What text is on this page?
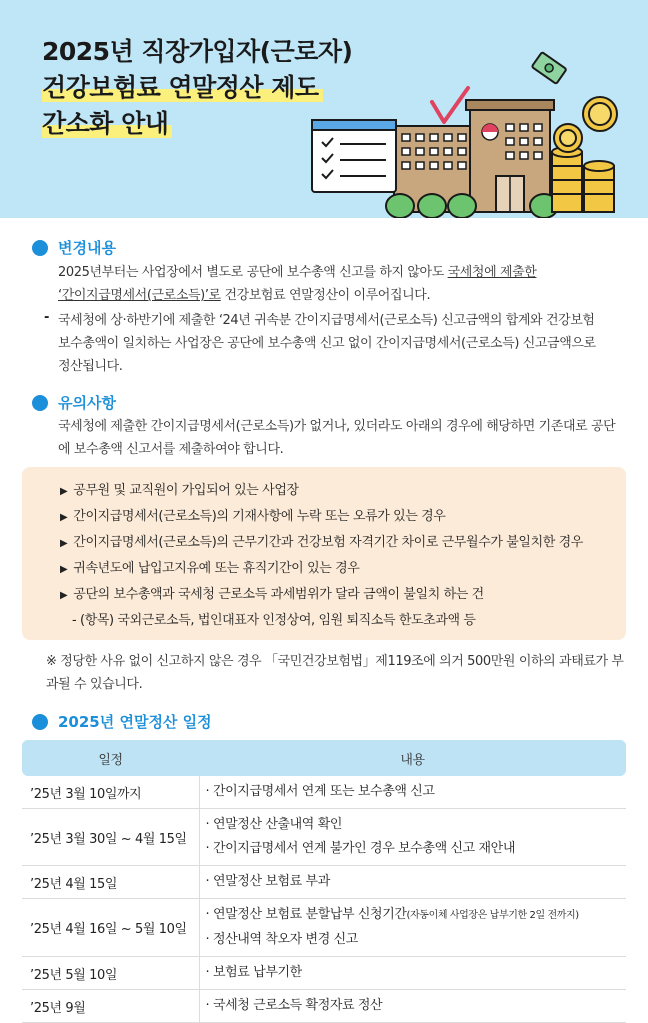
2025년 직장가입자(근로자)
건강보험료 연말정산 제도
간소화 안내
변경내용
2025년부터는 사업장에서 별도로 공단에 보수총액 신고를 하지 않아도 국세청에 제출한
‘간이지급명세서(근로소득)’로 건강보험료 연말정산이 이루어집니다.
- 국세청에 상·하반기에 제출한 ‘24년 귀속분 간이지급명세서(근로소득) 신고금액의 합계와 건강보험 보수총액이 일치하는 사업장은 공단에 보수총액 신고 없이 간이지급명세서(근로소득) 신고금액으로 정산됩니다.
유의사항
국세청에 제출한 간이지급명세서(근로소득)가 없거나, 있더라도 아래의 경우에 해당하면 기존대로 공단에 보수총액 신고서를 제출하여야 합니다.
▶ 공무원 및 교직원이 가입되어 있는 사업장
▶ 간이지급명세서(근로소득)의 기재사항에 누락 또는 오류가 있는 경우
▶ 간이지급명세서(근로소득)의 근무기간과 건강보험 자격기간 차이로 근무월수가 불일치한 경우
▶ 귀속년도에 납입고지유예 또는 휴직기간이 있는 경우
▶ 공단의 보수총액과 국세청 근로소득 과세범위가 달라 금액이 불일치 하는 건
- (항목) 국외근로소득, 법인대표자 인정상여, 임원 퇴직소득 한도초과액 등
※ 정당한 사유 없이 신고하지 않은 경우 「국민건강보험법」제119조에 의거 500만원 이하의 과태료가 부과될 수 있습니다.
2025년 연말정산 일정
일정	내용
’25년 3월 10일까지	· 간이지급명세서 연계 또는 보수총액 신고

’25년 3월 30일 ~ 4월 15일	· 연말정산 산출내역 확인
· 간이지급명세서 연계 불가인 경우 보수총액 신고 재안내

’25년 4월 15일	· 연말정산 보험료 부과

’25년 4월 16일 ~ 5월 10일	· 연말정산 보험료 분할납부 신청기간(자동이체 사업장은 납부기한 2일 전까지)
· 정산내역 착오자 변경 신고

’25년 5월 10일	· 보험료 납부기한

’25년 9월	· 국세청 근로소득 확정자료 정산
